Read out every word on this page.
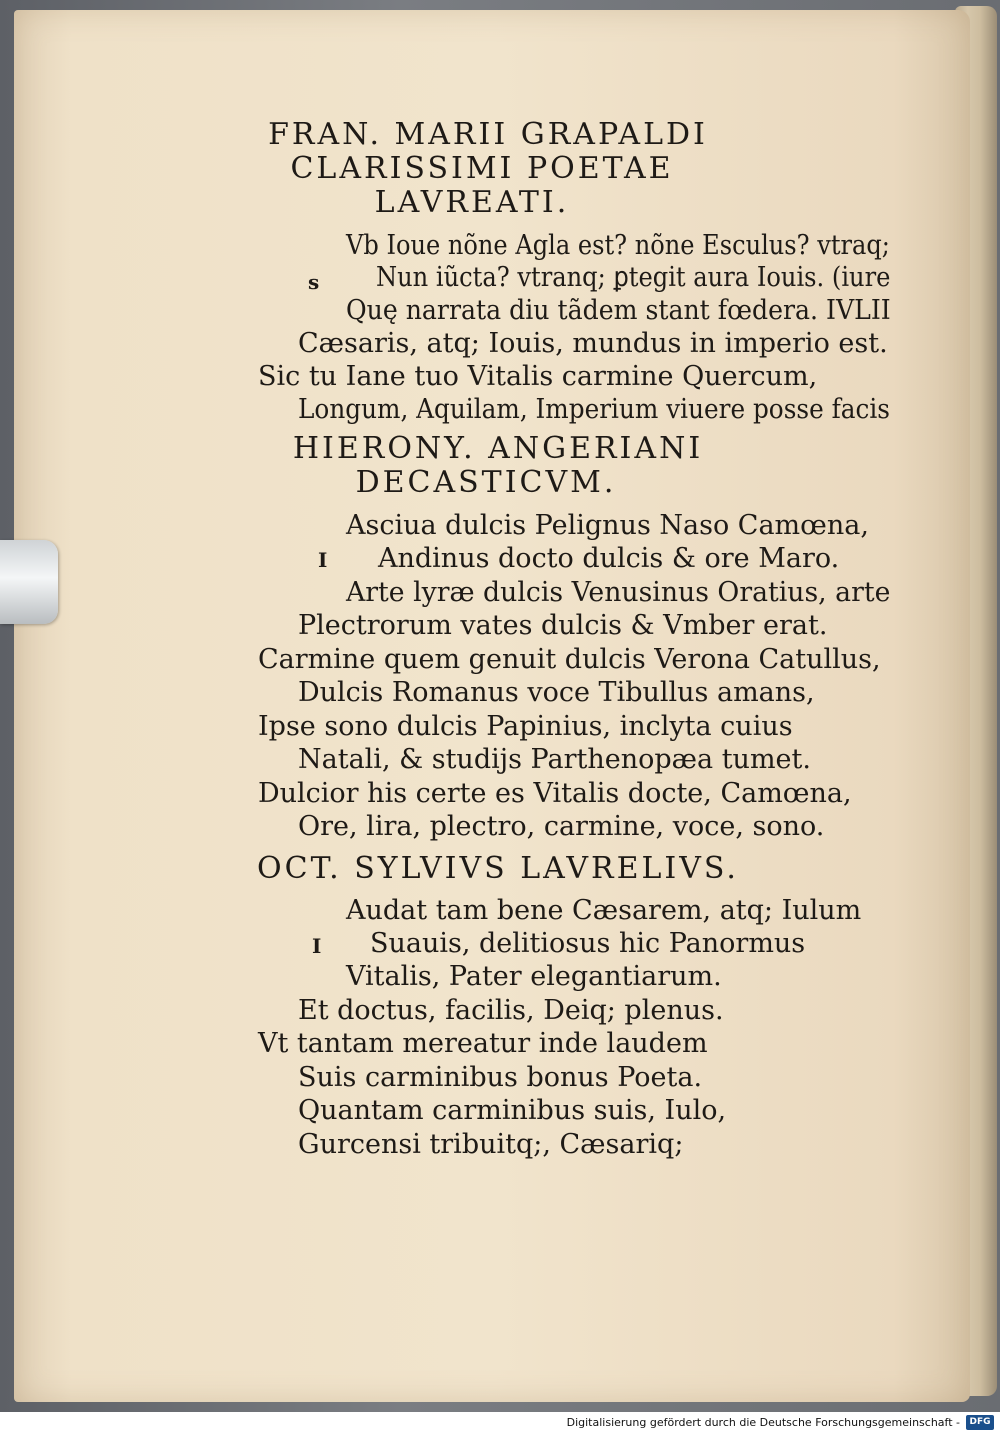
FRAN. MARII GRAPALDI
CLARISSIMI POETAE
LAVREATI.
Vb Ioue nõne Agla est? nõne Esculus? vtraq;
s Nun iũcta? vtranq; ꝑtegit aura Iouis. (iure
Quę narrata diu tãdem stant fœdera. IVLII
Cæsaris, atq; Iouis, mundus in imperio est.
Sic tu Iane tuo Vitalis carmine Quercum,
Longum, Aquilam, Imperium viuere posse facis
HIERONY. ANGERIANI
DECASTICVM.
Asciua dulcis Pelignus Naso Camœna,
I Andinus docto dulcis & ore Maro.
Arte lyræ dulcis Venusinus Oratius, arte
Plectrorum vates dulcis & Vmber erat.
Carmine quem genuit dulcis Verona Catullus,
Dulcis Romanus voce Tibullus amans,
Ipse sono dulcis Papinius, inclyta cuius
Natali, & studijs Parthenopæa tumet.
Dulcior his certe es Vitalis docte, Camœna,
Ore, lira, plectro, carmine, voce, sono.
OCT. SYLVIVS LAVRELIVS.
Audat tam bene Cæsarem, atq; Iulum
I Suauis, delitiosus hic Panormus
Vitalis, Pater elegantiarum.
Et doctus, facilis, Deiq; plenus.
Vt tantam mereatur inde laudem
Suis carminibus bonus Poeta.
Quantam carminibus suis, Iulo,
Gurcensi tribuitq;, Cæsariq;
Digitalisierung gefördert durch die Deutsche Forschungsgemeinschaft -	DFG
